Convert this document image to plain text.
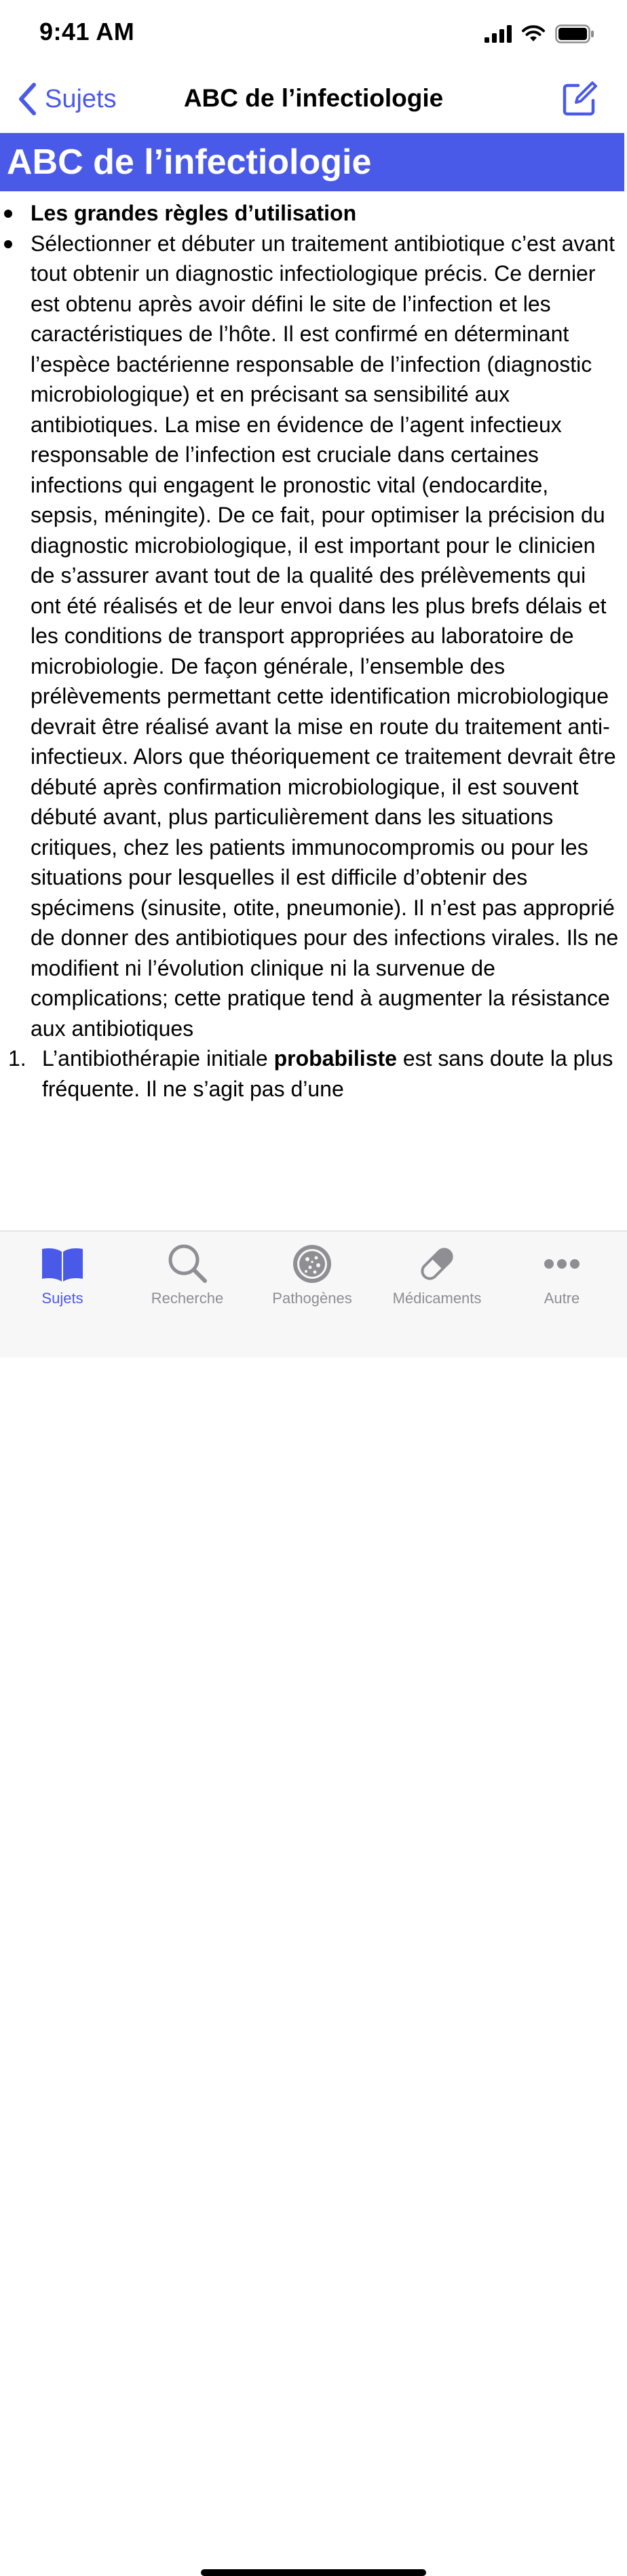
9:41 AM
Sujets	ABC de l’infectiologie
ABC de l’infectiologie
Les grandes règles d’utilisation
Sélectionner et débuter un traitement antibiotique c’est avant tout obtenir un diagnostic infectiologique précis. Ce dernier est obtenu après avoir défini le site de l’infection et les caractéristiques de l’hôte. Il est confirmé en déterminant l’espèce bactérienne responsable de l’infection (diagnostic microbiologique) et en précisant sa sensibilité aux antibiotiques. La mise en évidence de l’agent infectieux responsable de l’infection est cruciale dans certaines infections qui engagent le pronostic vital (endocardite, sepsis, méningite). De ce fait, pour optimiser la précision du diagnostic microbiologique, il est important pour le clinicien de s’assurer avant tout de la qualité des prélèvements qui ont été réalisés et de leur envoi dans les plus brefs délais et les conditions de transport appropriées au laboratoire de microbiologie. De façon générale, l’ensemble des prélèvements permettant cette identification microbiologique devrait être réalisé avant la mise en route du traitement anti-infectieux. Alors que théoriquement ce traitement devrait être débuté après confirmation microbiologique, il est souvent débuté avant, plus particulièrement dans les situations critiques, chez les patients immunocompromis ou pour les situations pour lesquelles il est difficile d’obtenir des spécimens (sinusite, otite, pneumonie). Il n’est pas approprié de donner des antibiotiques pour des infections virales. Ils ne modifient ni l’évolution clinique ni la survenue de complications; cette pratique tend à augmenter la résistance aux antibiotiques
1. L’antibiothérapie initiale probabiliste est sans doute la plus fréquente. Il ne s’agit pas d’une
Sujets	Recherche	Pathogènes	Médicaments	Autre
